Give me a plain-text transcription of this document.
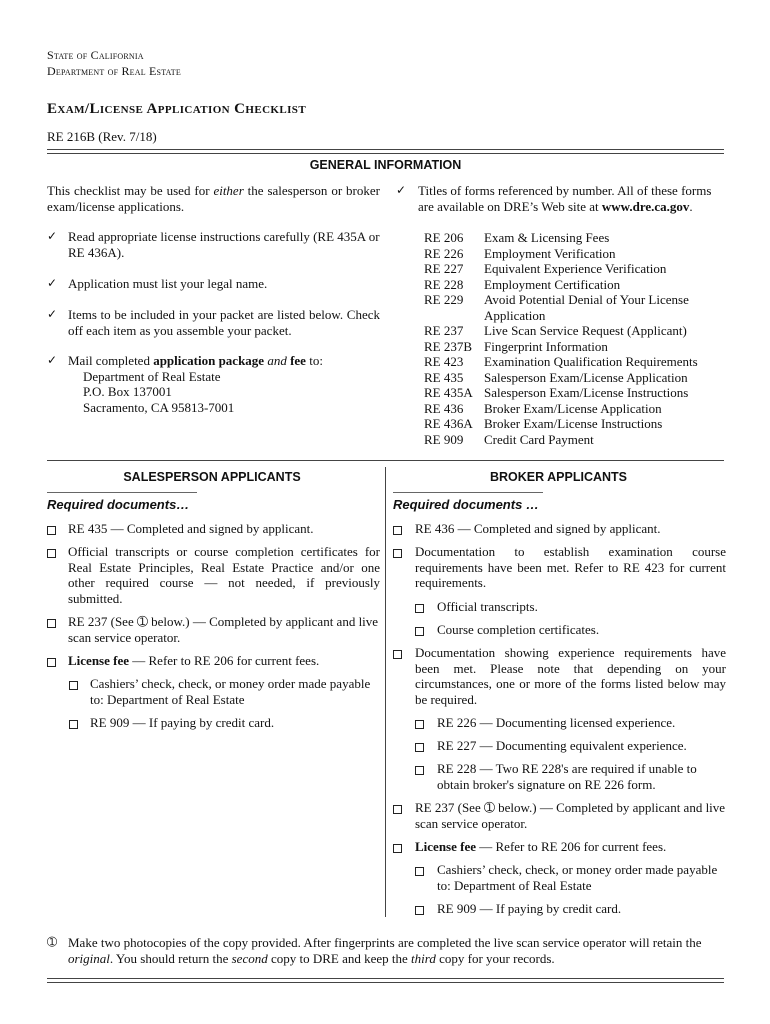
State of California
Department of Real Estate
Exam/License Application Checklist
RE 216B (Rev. 7/18)
GENERAL INFORMATION
This checklist may be used for either the salesperson or broker exam/license applications.
✓ Read appropriate license instructions carefully (RE 435A or RE 436A).
✓ Application must list your legal name.
✓ Items to be included in your packet are listed below. Check off each item as you assemble your packet.
✓ Mail completed application package and fee to:
Department of Real Estate
P.O. Box 137001
Sacramento, CA 95813-7001
✓ Titles of forms referenced by number. All of these forms are available on DRE’s Web site at www.dre.ca.gov.
RE 206	Exam & Licensing Fees
RE 226	Employment Verification
RE 227	Equivalent Experience Verification
RE 228	Employment Certification
RE 229	Avoid Potential Denial of Your License Application
RE 237	Live Scan Service Request (Applicant)
RE 237B Fingerprint Information
RE 423	Examination Qualification Requirements
RE 435	Salesperson Exam/License Application
RE 435A Salesperson Exam/License Instructions
RE 436	Broker Exam/License Application
RE 436A Broker Exam/License Instructions
RE 909	Credit Card Payment
SALESPERSON APPLICANTS
Required documents…
RE 435 — Completed and signed by applicant.
Official transcripts or course completion certificates for Real Estate Principles, Real Estate Practice and/or one other required course — not needed, if previously submitted.
RE 237 (See ➀ below.) — Completed by applicant and live scan service operator.
License fee — Refer to RE 206 for current fees.
Cashiers’ check, check, or money order made payable to: Department of Real Estate
RE 909 — If paying by credit card.
BROKER APPLICANTS
Required documents …
RE 436 — Completed and signed by applicant.
Documentation to establish examination course requirements have been met. Refer to RE 423 for current requirements.
Official transcripts.
Course completion certificates.
Documentation showing experience requirements have been met. Please note that depending on your circumstances, one or more of the forms listed below may be required.
RE 226 — Documenting licensed experience.
RE 227 — Documenting equivalent experience.
RE 228 — Two RE 228's are required if unable to obtain broker's signature on RE 226 form.
RE 237 (See ➀ below.) — Completed by applicant and live scan service operator.
License fee — Refer to RE 206 for current fees.
Cashiers’ check, check, or money order made payable to: Department of Real Estate
RE 909 — If paying by credit card.
➀ Make two photocopies of the copy provided. After fingerprints are completed the live scan service operator will retain the original. You should return the second copy to DRE and keep the third copy for your records.
